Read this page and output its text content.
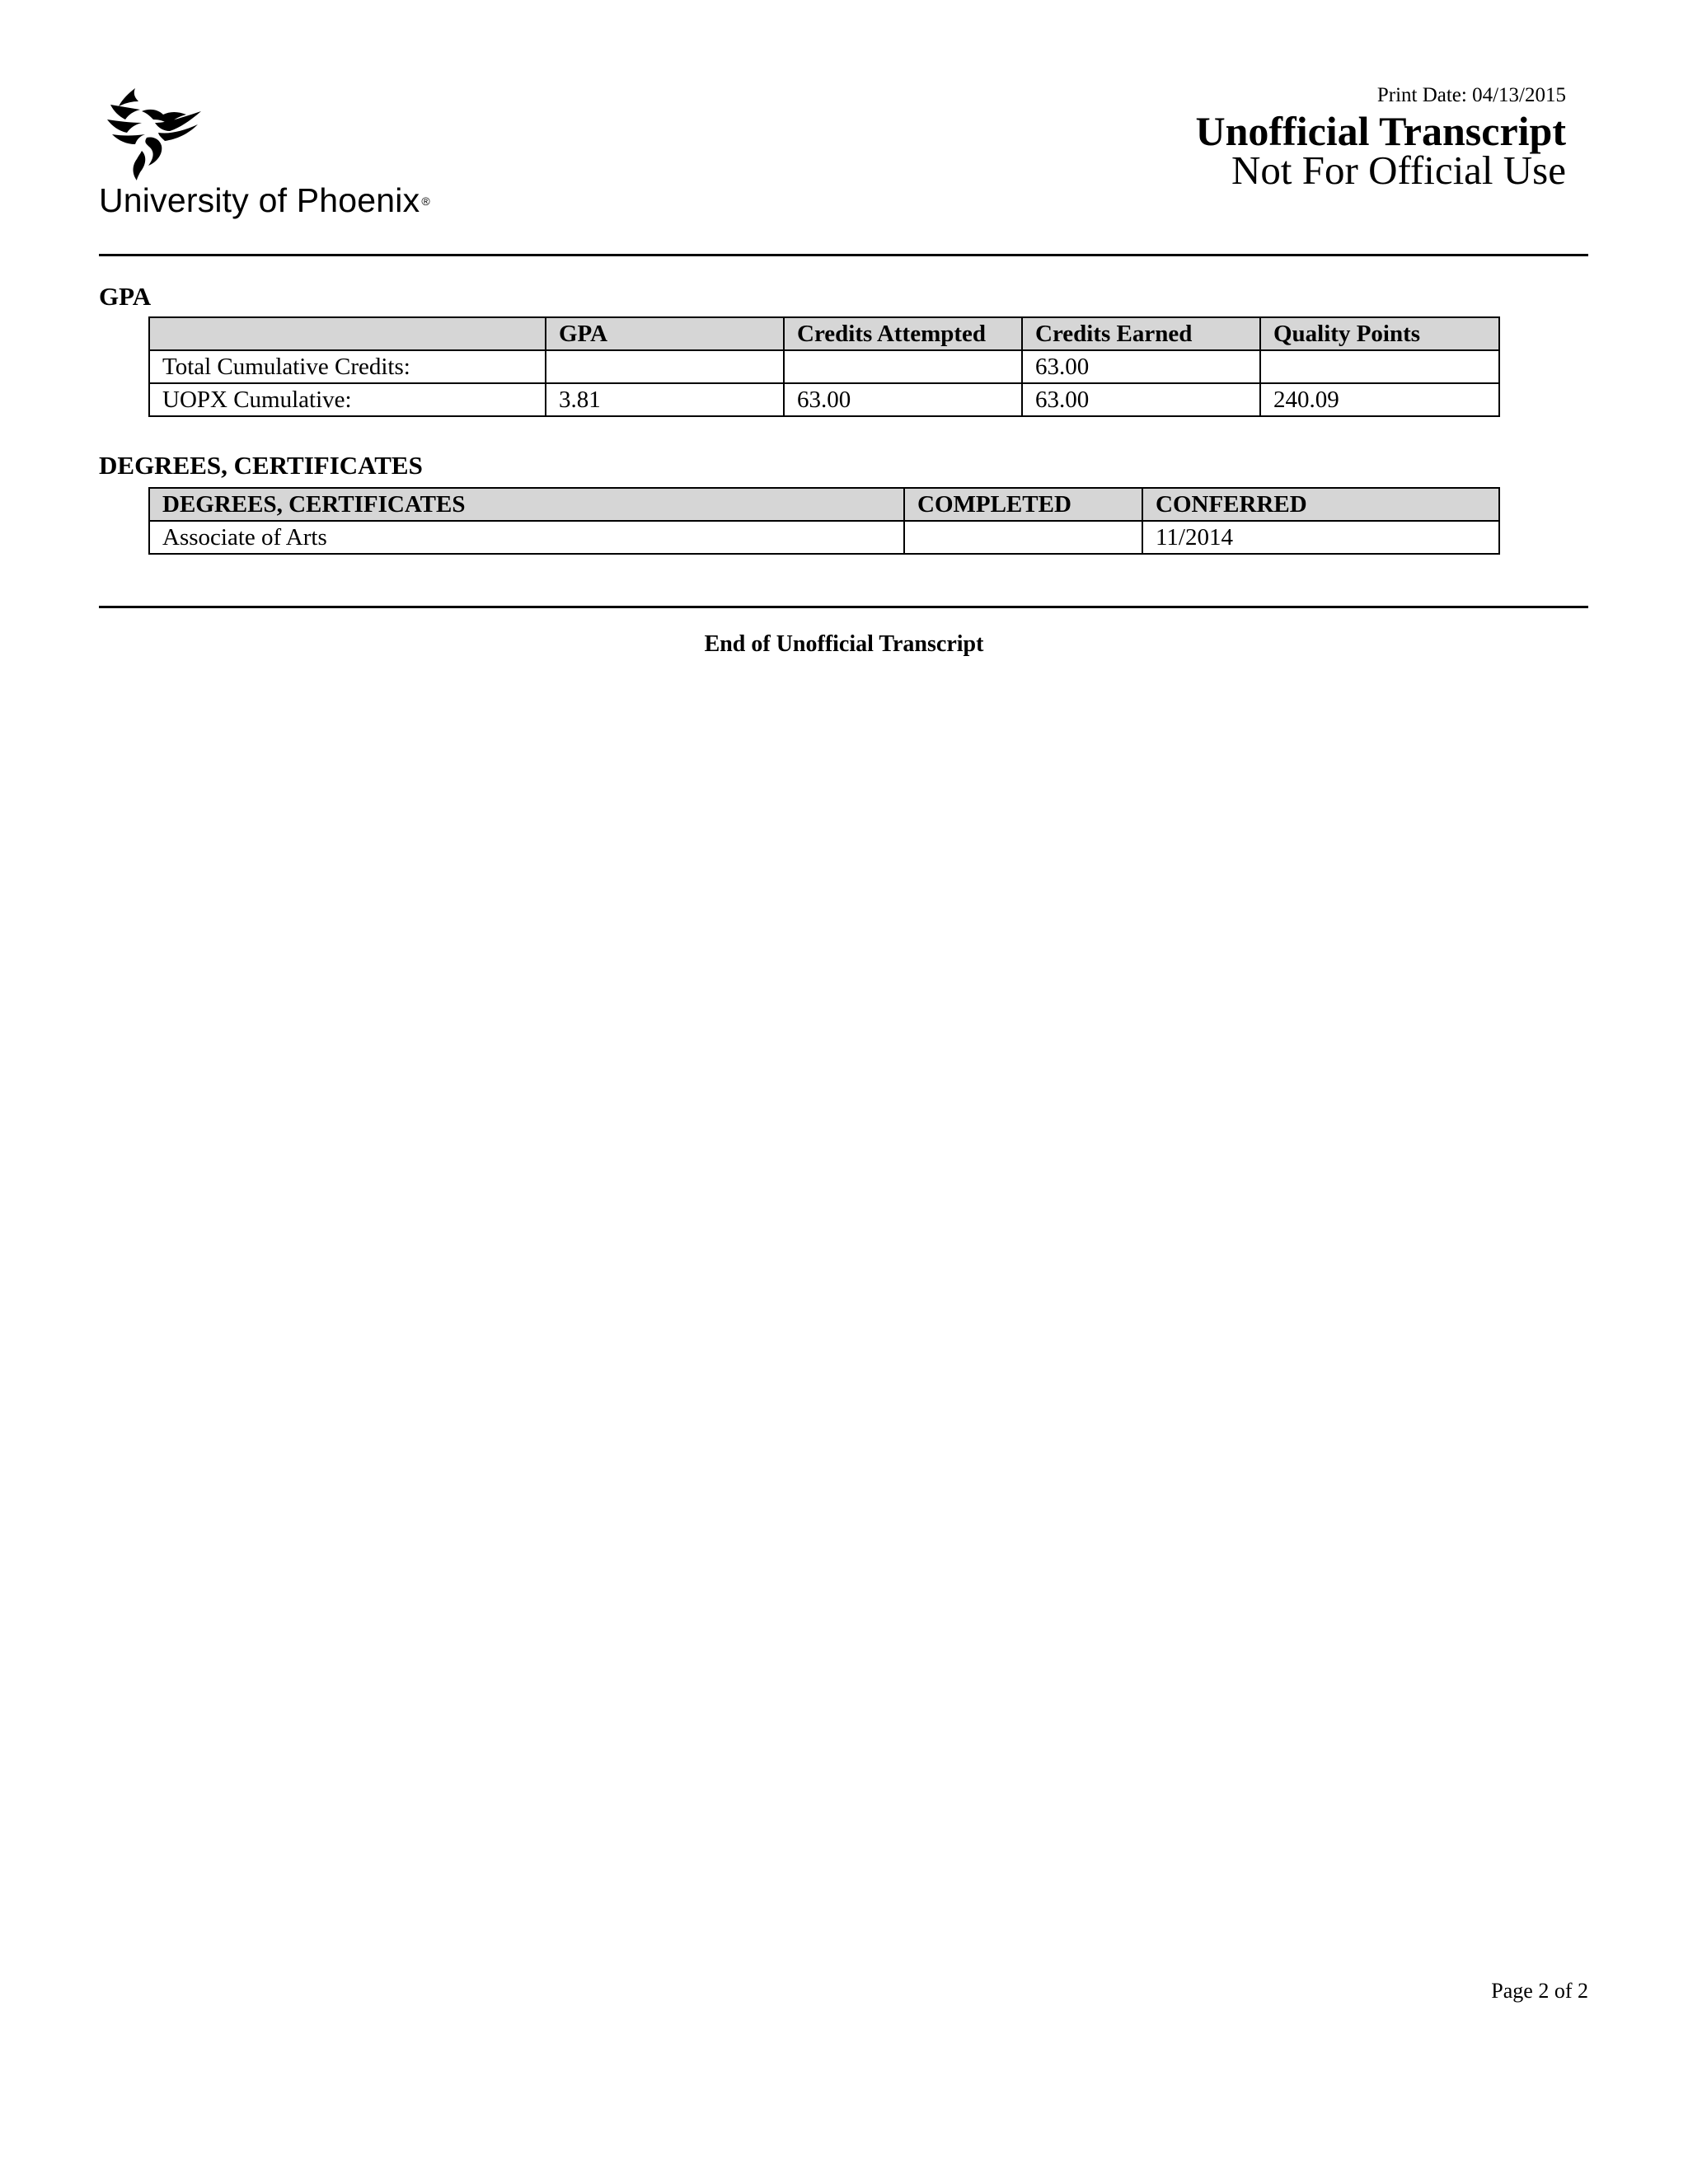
University of Phoenix ®
Print Date: 04/13/2015
Unofficial Transcript
Not For Official Use
GPA
	GPA	Credits Attempted	Credits Earned	Quality Points
Total Cumulative Credits:			63.00	
UOPX Cumulative:	3.81	63.00	63.00	240.09
DEGREES, CERTIFICATES
DEGREES, CERTIFICATES	COMPLETED	CONFERRED
Associate of Arts		11/2014
End of Unofficial Transcript
Page 2 of 2
